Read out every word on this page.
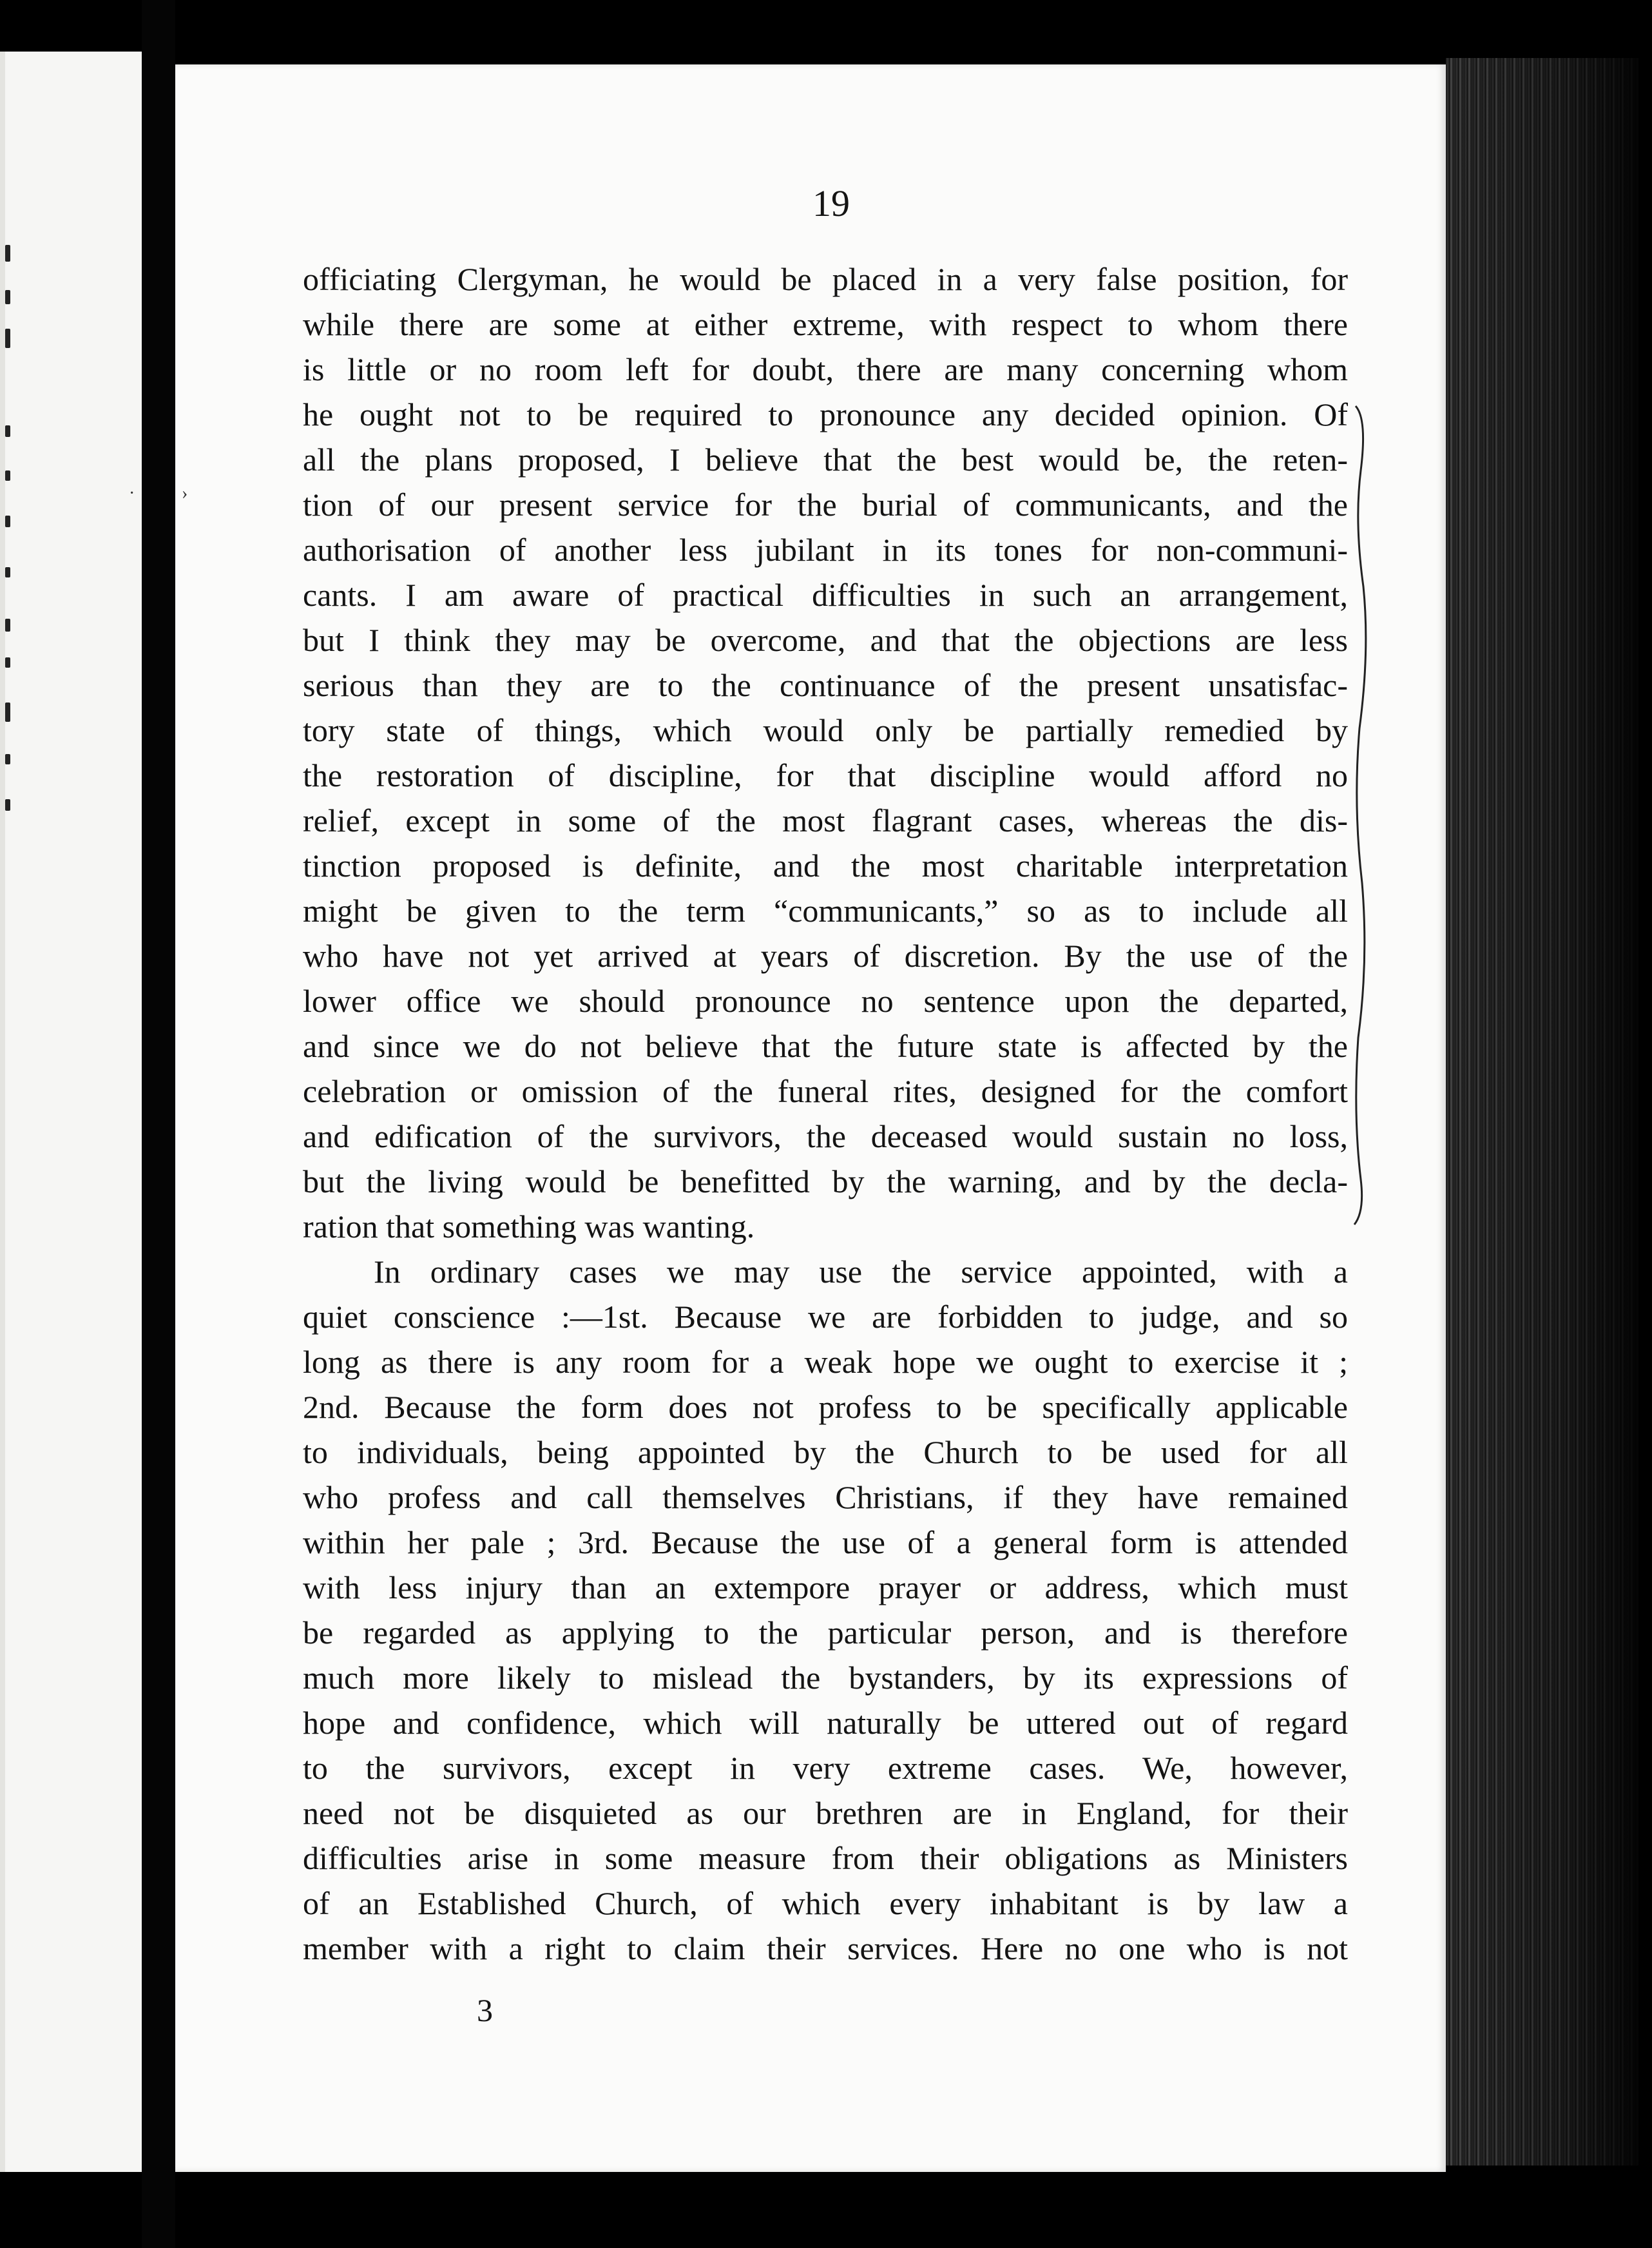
19

officiating Clergyman, he would be placed in a very false position, for
while there are some at either extreme, with respect to whom there
is little or no room left for doubt, there are many concerning whom
he ought not to be required to pronounce any decided opinion. Of
all the plans proposed, I believe that the best would be, the reten-
tion of our present service for the burial of communicants, and the
authorisation of another less jubilant in its tones for non-communi-
cants. I am aware of practical difficulties in such an arrangement,
but I think they may be overcome, and that the objections are less
serious than they are to the continuance of the present unsatisfac-
tory state of things, which would only be partially remedied by
the restoration of discipline, for that discipline would afford no
relief, except in some of the most flagrant cases, whereas the dis-
tinction proposed is definite, and the most charitable interpretation
might be given to the term “communicants,” so as to include all
who have not yet arrived at years of discretion. By the use of the
lower office we should pronounce no sentence upon the departed,
and since we do not believe that the future state is affected by the
celebration or omission of the funeral rites, designed for the comfort
and edification of the survivors, the deceased would sustain no loss,
but the living would be benefitted by the warning, and by the decla-
ration that something was wanting.
In ordinary cases we may use the service appointed, with a
quiet conscience :—1st. Because we are forbidden to judge, and so
long as there is any room for a weak hope we ought to exercise it ;
2nd. Because the form does not profess to be specifically applicable
to individuals, being appointed by the Church to be used for all
who profess and call themselves Christians, if they have remained
within her pale ; 3rd. Because the use of a general form is attended
with less injury than an extempore prayer or address, which must
be regarded as applying to the particular person, and is therefore
much more likely to mislead the bystanders, by its expressions of
hope and confidence, which will naturally be uttered out of regard
to the survivors, except in very extreme cases. We, however,
need not be disquieted as our brethren are in England, for their
difficulties arise in some measure from their obligations as Ministers
of an Established Church, of which every inhabitant is by law a
member with a right to claim their services. Here no one who is not
·	›

3
